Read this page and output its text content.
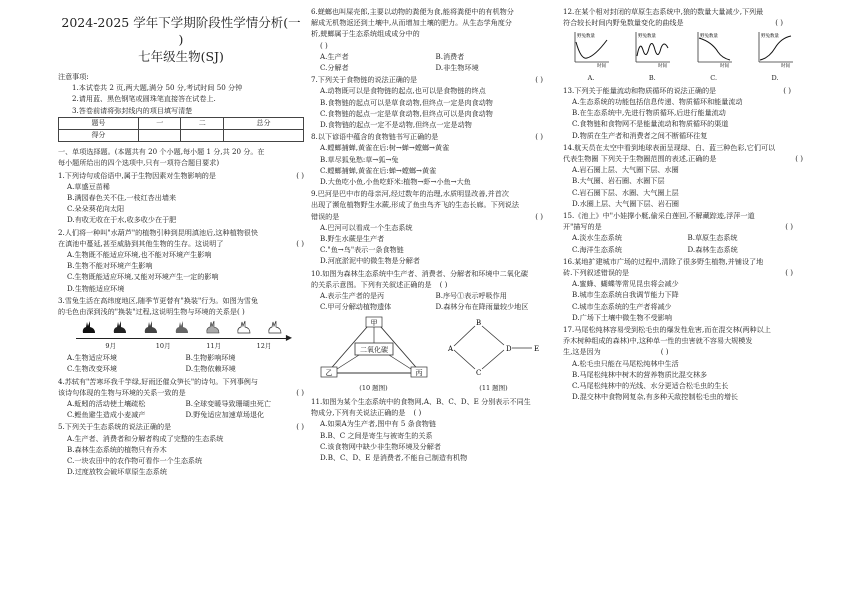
2024-2025 学年下学期阶段性学情分析(一 )

七年级生物(SJ)

注意事项:

1.本试卷共 2 页,两大题,满分 50 分,考试时间 50 分钟

2.请用蓝、黑色钢笔或圆珠笔直接答在试卷上.

3.答卷前请将弥封线内的项目填写清楚

题号	一	二	总分
得分			

一、单项选择题。(本题共有 20 个小题,每小题 1 分,共 20 分。在

每小题所给出的四个选项中,只有一项符合题目要求)

1.下列诗句或俗语中,属于生物因素对生物影响的是	( )

A.草盛豆苗稀

B.满园春色关不住,一枝红杏出墙来

C.朵朵葵花向太阳

D.有收无收在于水,收多收少在于肥

2.人们将一种叫"水葫芦"的植物引种到昆明滇池后,这种植物很快

在滇池中蔓延,甚至威胁到其他生物的生存。这说明了	( )

A.生物既不能适应环境,也不能对环境产生影响

B.生物不能对环境产生影响

C.生物既能适应环境,又能对环境产生一定的影响

D.生物能适应环境

3.雪兔生活在高纬度地区,随季节更替有"换装"行为。如图为雪兔

的毛色由深到浅的"换装"过程,这说明生物与环境的关系是( )

▶
9月	10月	11月	12月
A.生物适应环境	B.生物影响环境
C.生物改变环境	D.生物依赖环境

4.苏轼有"苦寒坏我千竽绿,好雨还催众笋长"的诗句。下列事例与

该诗句体现的生物与环境的关系一致的是	( )

A.蚯蚓的活动使土壤疏松	B.全球变暖导致珊瑚虫死亡
C.鲣鱼避生造成小麦减产	D.野兔适应加速草场退化

5.下列关于生态系统的说法正确的是	( )

A.生产者、消费者和分解者构成了完整的生态系统

B.森林生态系统的植物只有乔木

C.一块农田中的农作物可看作一个生态系统

D.过度放牧会破坏草原生态系统

6.蜣螂也叫屎壳郎,主要以动物的粪便为食,能将粪便中的有机物分

解成无机物返还到土壤中,从而增加土壤的肥力。从生态学角度分

析,蜣螂属于生态系统组成成分中的

( )

A.生产者	B.消费者
C.分解者	D.非生物环境

7.下列关于食物链的说法正确的是	( )

A.动物既可以是食物链的起点,也可以是食物链的终点

B.食物链的起点可以是草食动物,但终点一定是肉食动物

C.食物链的起点一定是草食动物,但终点可以是肉食动物

D.食物链的起点一定不是动物,但终点一定是动物

8.以下谚语中蕴含的食物链书写正确的是	( )

A.螳螂捕蝉,黄雀在后:树→蝉→螳螂→黄雀

B.草尽狐兔愁:草→狐→兔

C.螳螂捕蝉,黄雀在后:蝉→螳螂→黄雀

D.大鱼吃小鱼,小鱼吃虾米:植物→虾→小鱼→大鱼

9.巴河是巴中市的母亲河,经过数年的治理,水质明显改善,并首次

出现了濒危植物野生水蕨,形成了鱼虫鸟齐飞的生态长廊。下列说法

错误的是	( )

A.巴河可以看成一个生态系统

B.野生水蕨是生产者

C."鱼→鸟"表示一条食物链

D.河底淤泥中的微生物是分解者

10.如图为森林生态系统中生产者、消费者、分解者和环境中二氧化碳

的关系示意图。下列有关叙述正确的是 ( )

A.表示生产者的是丙	B.序号①表示呼吸作用
C.甲可分解动植物遗体	D.森林分布在降雨量较少地区
二氧化碳
甲
乙	丙
(10 题图)
A
B
C
D	E
(11 题图)

11.如图为某个生态系统中的食物网,A、B、C、D、E 分别表示不同生

物成分,下列有关说法正确的是 ( )

A.如果A为生产者,图中有 5 条食物链

B.B、C 之间是寄生与被寄生的关系

C.该食物网中缺少非生物环境及分解者

D.B、C、D、E 是消费者,不能自己制造有机物

12.在某个相对封闭的草原生态系统中,狼的数量大量减少,下列最

符合较长时间内野兔数量变化的曲线是	( )

野兔数量
时间
A.
野兔数量
时间
B.
野兔数量
时间
C.
野兔数量
时间
D.

13.下列关于能量流动和物质循环的说法正确的是	( )

A.生态系统的功能包括信息传递、物质循环和能量流动

B.在生态系统中,先进行物质循环,后进行能量流动

C.食物链和食物网不是能量流动和物质循环的渠道

D.物质在生产者和消费者之间不断循环往复

14.航天员在太空中看到地球表面呈现绿、白、蓝三种色彩,它们可以

代表生物圈 下列关于生物圈范围的表述,正确的是	( )

A.岩石圈上层、大气圈下层、水圈

B.大气圈、岩石圈、水圈下层

C.岩石圈下层、水圈、大气圈上层

D.水圈上层、大气圈下层、岩石圈

15.《池上》中"小娃撑小艇,偷采白莲回,不解藏踪迹,浮萍一道

开"描写的是	( )

A.淡水生态系统	B.草原生态系统
C.海洋生态系统	D.森林生态系统

16.某地扩建城市广场的过程中,清除了很多野生植物,并铺设了地

砖.下列叙述错误的是	( )

A.蜜蜂、蝴蝶等常见昆虫将会减少

B.城市生态系统自我调节能力下降

C.城市生态系统的生产者将减少

D.广场下土壤中微生物不受影响

17.马尾松纯林容易受到松毛虫的爆发性危害,而在混交林(两种以上

乔木树种组成的森林)中,这种单一性的虫害就不容易大规模发

生,这是因为	( )

A.松毛虫只能在马尾松纯林中生活

B.马尾松纯林中树木的营养物质比混交林多

C.马尾松纯林中的光线、水分更适合松毛虫的生长

D.混交林中食物网复杂,有多种天敌控制松毛虫的增长
